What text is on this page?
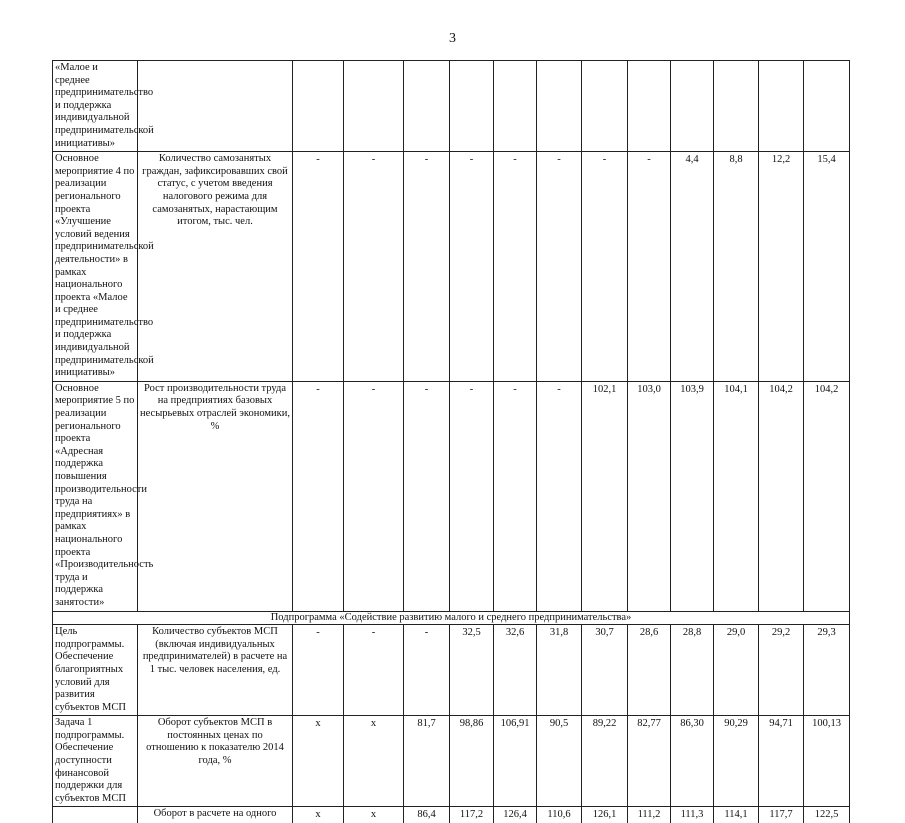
3
«Малое и среднее предпринимательство и поддержка индивидуальной предпринимательской инициативы»													
Основное мероприятие 4 по реализации регионального проекта «Улучшение условий ведения предпринимательской деятельности» в рамках национального проекта «Малое и среднее предпринимательство и поддержка индивидуальной предпринимательской инициативы»	Количество самозанятых граждан, зафиксировавших свой статус, с учетом введения налогового режима для самозанятых, нарастающим итогом, тыс. чел.	-	-	-	-	-	-	-	-	4,4	8,8	12,2	15,4
Основное мероприятие 5 по реализации регионального проекта «Адресная поддержка повышения производительности труда на предприятиях» в рамках национального проекта «Производительность труда и поддержка занятости»	Рост производительности труда на предприятиях базовых несырьевых отраслей экономики, %	-	-	-	-	-	-	102,1	103,0	103,9	104,1	104,2	104,2
Подпрограмма «Содействие развитию малого и среднего предпринимательства»													
Цель подпрограммы. Обеспечение благоприятных условий для развития субъектов МСП	Количество субъектов МСП (включая индивидуальных предпринимателей) в расчете на 1 тыс. человек населения, ед.	-	-	-	32,5	32,6	31,8	30,7	28,6	28,8	29,0	29,2	29,3
Задача 1 подпрограммы. Обеспечение доступности финансовой поддержки для субъектов МСП	Оборот субъектов МСП в постоянных ценах по отношению к показателю 2014 года, %	x	x	81,7	98,86	106,91	90,5	89,22	82,77	86,30	90,29	94,71	100,13
	Оборот в расчете на одного	x	x	86,4	117,2	126,4	110,6	126,1	111,2	111,3	114,1	117,7	122,5
